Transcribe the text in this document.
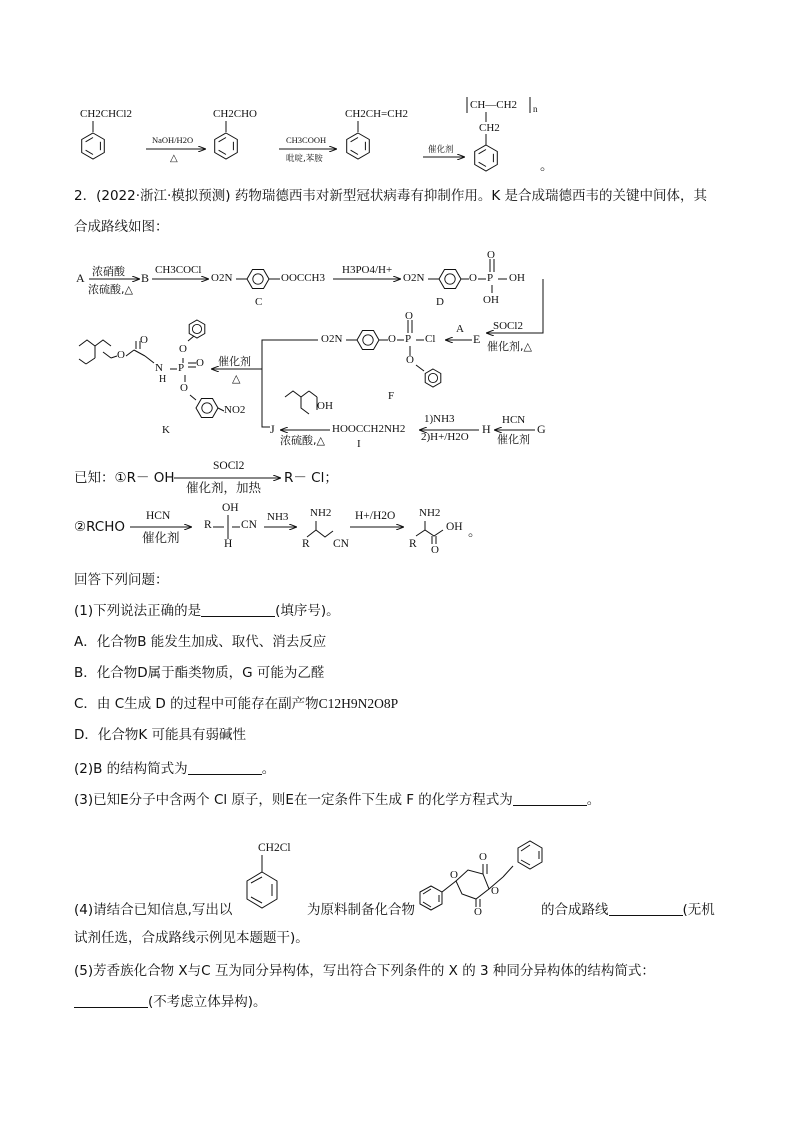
CH2CHCl2	CH2CHO	CH2CH=CH2
CH—CH2 n
CH2
NaOH/H2O
△
CH3COOH
吡啶,苯胺
催化剂
。
2．(2022·浙江·模拟预测) 药物瑞德西韦对新型冠状病毒有抑制作用。K 是合成瑞德西韦的关键中间体，其
合成路线如图：
A 浓硝酸
浓硫酸,△
B
CH3COCl
O2N	OOCCH3
C
H3PO4/H+
O2N	O P
O
OH
OH
D
SOCl2
催化剂,△
E
A
O2N	O P
O
Cl
O
F
催化剂
△
O
O
N
H
P
O
O
O
NO2
K	J
OH
浓硫酸,△
HOOCCH2NH2
I
1)NH3
2)H+/H2O
H
HCN
催化剂
G
已知：①R－ OH
SOCl2
催化剂，加热
R－ Cl；
②RCHO
HCN
催化剂
R
OH
CN
H
NH3 NH2
R CN
H+/H2O NH2
R
OH
O
。
回答下列问题：
(1)下列说法正确的是	(填序号)。
A．化合物B 能发生加成、取代、消去反应
B．化合物D属于酯类物质，G 可能为乙醛
C．由 C生成 D 的过程中可能存在副产物C12H9N2O8P
D．化合物K 可能具有弱碱性
(2)B 的结构简式为	。
(3)已知E分子中含两个 Cl 原子，则E在一定条件下生成 F 的化学方程式为	。
CH2Cl
O
O
O
O
(4)请结合已知信息,写出以	为原料制备化合物	的合成路线	(无机
试剂任选，合成路线示例见本题题干)。
(5)芳香族化合物 X与C 互为同分异构体，写出符合下列条件的 X 的 3 种同分异构体的结构简式：
(不考虑立体异构)。
